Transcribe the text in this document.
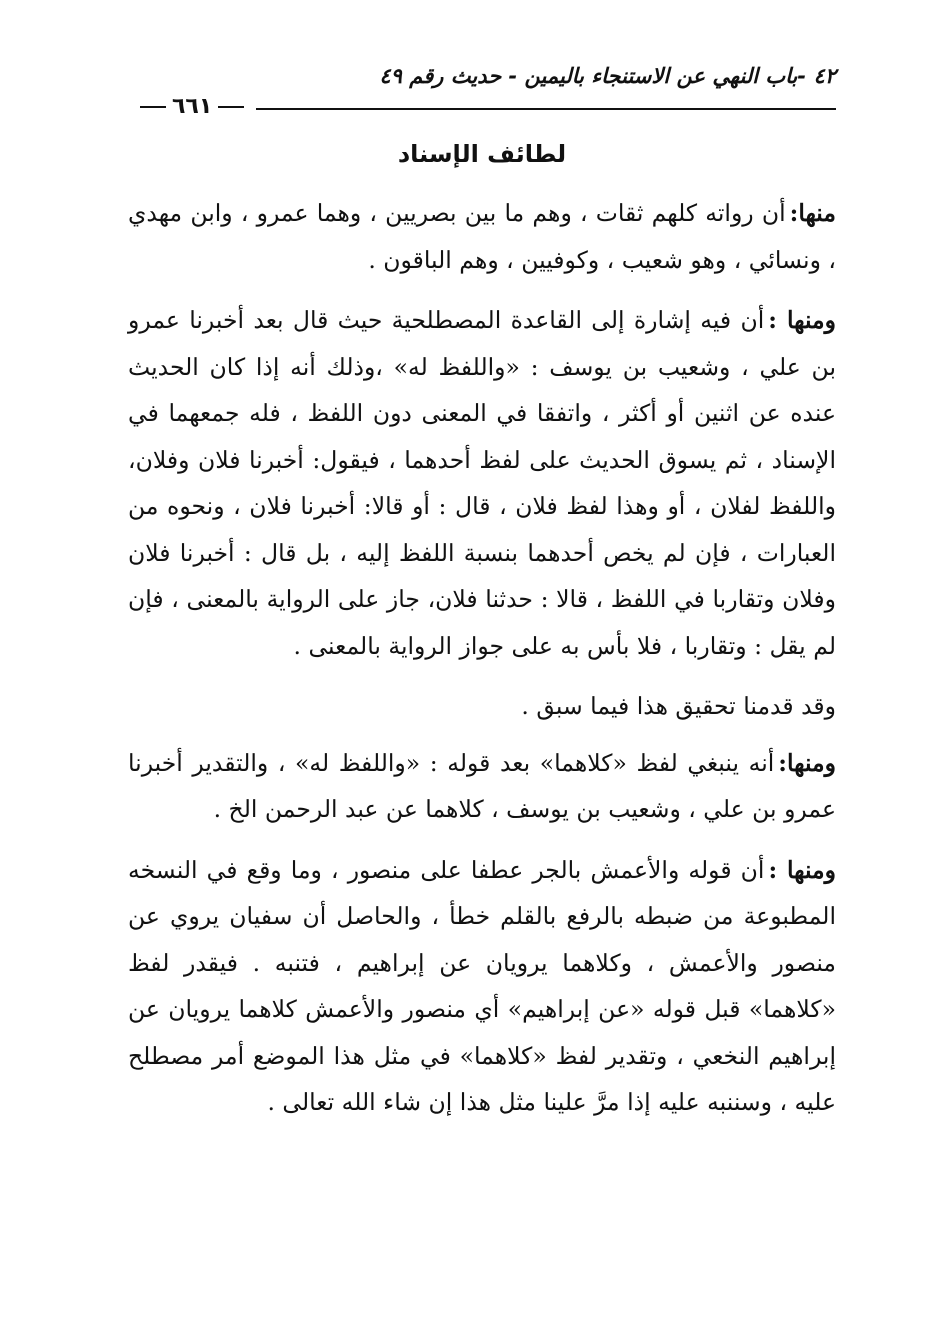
٤٢ -باب النهي عن الاستنجاء باليمين - حديث رقم ٤٩
٦٦١
لطائف الإسناد

منها:أن رواته كلهم ثقات ، وهم ما بين بصريين ، وهما عمرو ، وابن مهدي ، ونسائي ، وهو شعيب ، وكوفيين ، وهم الباقون .

ومنها :أن فيه إشارة إلى القاعدة المصطلحية حيث قال بعد أخبرنا عمرو بن علي ، وشعيب بن يوسف : «واللفظ له» ،وذلك أنه إذا كان الحديث عنده عن اثنين أو أكثر ، واتفقا في المعنى دون اللفظ ، فله جمعهما في الإسناد ، ثم يسوق الحديث على لفظ أحدهما ، فيقول: أخبرنا فلان وفلان، واللفظ لفلان ، أو وهذا لفظ فلان ، قال : أو قالا: أخبرنا فلان ، ونحوه من العبارات ، فإن لم يخص أحدهما بنسبة اللفظ إليه ، بل قال : أخبرنا فلان وفلان وتقاربا في اللفظ ، قالا : حدثنا فلان، جاز على الرواية بالمعنى ، فإن لم يقل : وتقاربا ، فلا بأس به على جواز الرواية بالمعنى .

وقد قدمنا تحقيق هذا فيما سبق .

ومنها:أنه ينبغي لفظ «كلاهما» بعد قوله : «واللفظ له» ، والتقدير أخبرنا عمرو بن علي ، وشعيب بن يوسف ، كلاهما عن عبد الرحمن الخ .

ومنها :أن قوله والأعمش بالجر عطفا على منصور ، وما وقع في النسخه المطبوعة من ضبطه بالرفع بالقلم خطأ ، والحاصل أن سفيان يروي عن منصور والأعمش ، وكلاهما يرويان عن إبراهيم ، فتنبه . فيقدر لفظ «كلاهما» قبل قوله «عن إبراهيم» أي منصور والأعمش كلاهما يرويان عن إبراهيم النخعي ، وتقدير لفظ «كلاهما» في مثل هذا الموضع أمر مصطلح عليه ، وسننبه عليه إذا مرَّ علينا مثل هذا إن شاء الله تعالى .
